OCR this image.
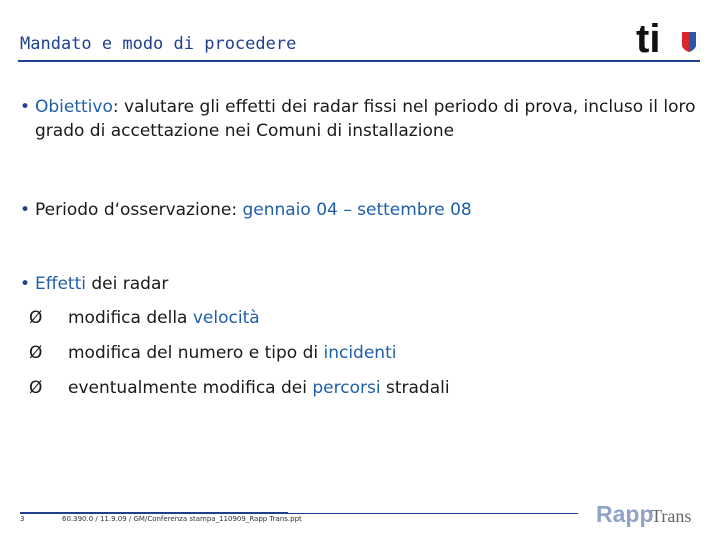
Mandato e modo di procedere	ti
• Obiettivo: valutare gli effetti dei radar fissi nel periodo di prova, incluso il loro grado di accettazione nei Comuni di installazione
• Periodo d‘osservazione: gennaio 04 – settembre 08
• Effetti dei radar
Ø modifica della velocità
Ø modifica del numero e tipo di incidenti
Ø eventualmente modifica dei percorsi stradali
3	60.390.0 / 11.9.09 / GM/Conferenza stampa_110909_Rapp Trans.ppt	Rapp
Trans
